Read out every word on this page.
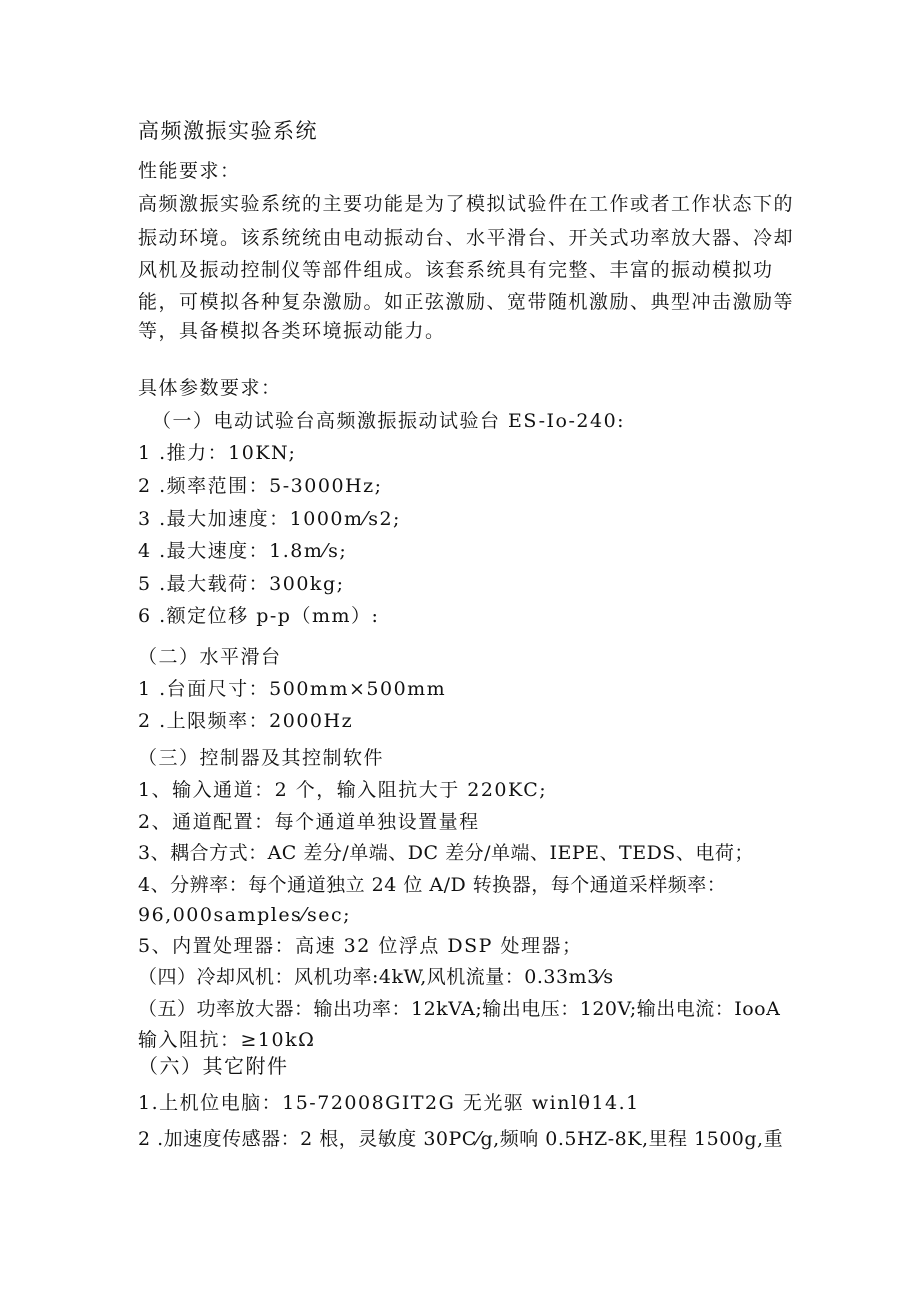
高频激振实验系统
性能要求：
高频激振实验系统的主要功能是为了模拟试验件在工作或者工作状态下的
振动环境。该系统统由电动振动台、水平滑台、开关式功率放大器、冷却
风机及振动控制仪等部件组成。该套系统具有完整、丰富的振动模拟功
能，可模拟各种复杂激励。如正弦激励、宽带随机激励、典型冲击激励等
等，具备模拟各类环境振动能力。
具体参数要求：
（一）电动试验台高频激振振动试验台 ES-Io-240:
1 .推力：10KN;
2 .频率范围：5-3000Hz;
3 .最大加速度：1000m⁄s2;
4 .最大速度：1.8m⁄s;
5 .最大载荷：300kg;
6 .额定位移 p-p（mm）:
（二）水平滑台
1 .台面尺寸：500mm×500mm
2 .上限频率：2000Hz
（三）控制器及其控制软件
1、输入通道：2 个，输入阻抗大于 220KC;
2、通道配置：每个通道单独设置量程
3、耦合方式：AC 差分/单端、DC 差分/单端、IEPE、TEDS、电荷；
4、分辨率：每个通道独立 24 位 A/D 转换器，每个通道采样频率：
96,000samples⁄sec;
5、内置处理器：高速 32 位浮点 DSP 处理器；
（四）冷却风机：风机功率:4kW,风机流量：0.33m3⁄s
（五）功率放大器：输出功率：12kVA;输出电压：120V;输出电流：IooA
输入阻抗：≥10kΩ
（六）其它附件
1.上机位电脑：15-72008GIT2G 无光驱 winlθ14.1
2 .加速度传感器：2 根，灵敏度 30PC⁄g,频响 0.5HZ-8K,里程 1500g,重
